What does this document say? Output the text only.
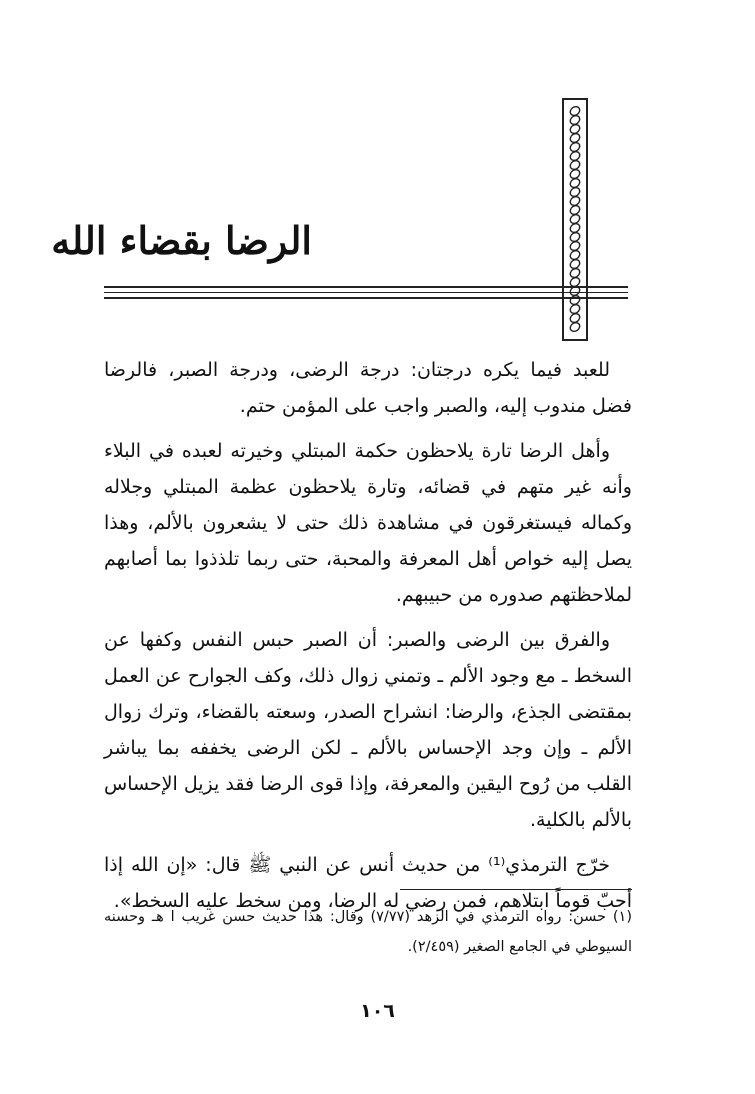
الرضا بقضاء الله

للعبد فيما يكره درجتان: درجة الرضى، ودرجة الصبر، فالرضا فضل مندوب إليه، والصبر واجب على المؤمن حتم.

وأهل الرضا تارة يلاحظون حكمة المبتلي وخيرته لعبده في البلاء وأنه غير متهم في قضائه، وتارة يلاحظون عظمة المبتلي وجلاله وكماله فيستغرقون في مشاهدة ذلك حتى لا يشعرون بالألم، وهذا يصل إليه خواص أهل المعرفة والمحبة، حتى ربما تلذذوا بما أصابهم لملاحظتهم صدوره من حبيبهم.

والفرق بين الرضى والصبر: أن الصبر حبس النفس وكفها عن السخط ـ مع وجود الألم ـ وتمني زوال ذلك، وكف الجوارح عن العمل بمقتضى الجذع، والرضا: انشراح الصدر، وسعته بالقضاء، وترك زوال الألم ـ وإن وجد الإحساس بالألم ـ لكن الرضى يخففه بما يباشر القلب من رُوح اليقين والمعرفة، وإذا قوى الرضا فقد يزيل الإحساس بالألم بالكلية.

خرّج الترمذي⁽¹⁾ من حديث أنس عن النبي ﷺ قال: «إن الله إذا أحبّ قوماً ابتلاهم، فمن رضي له الرضا، ومن سخط عليه السخط».

(١) حسن: رواه الترمذي في الزهد (٧/٧٧) وقال: هذا حديث حسن غريب ا هـ وحسنه السيوطي في الجامع الصغير (٢/٤٥٩).
١٠٦
